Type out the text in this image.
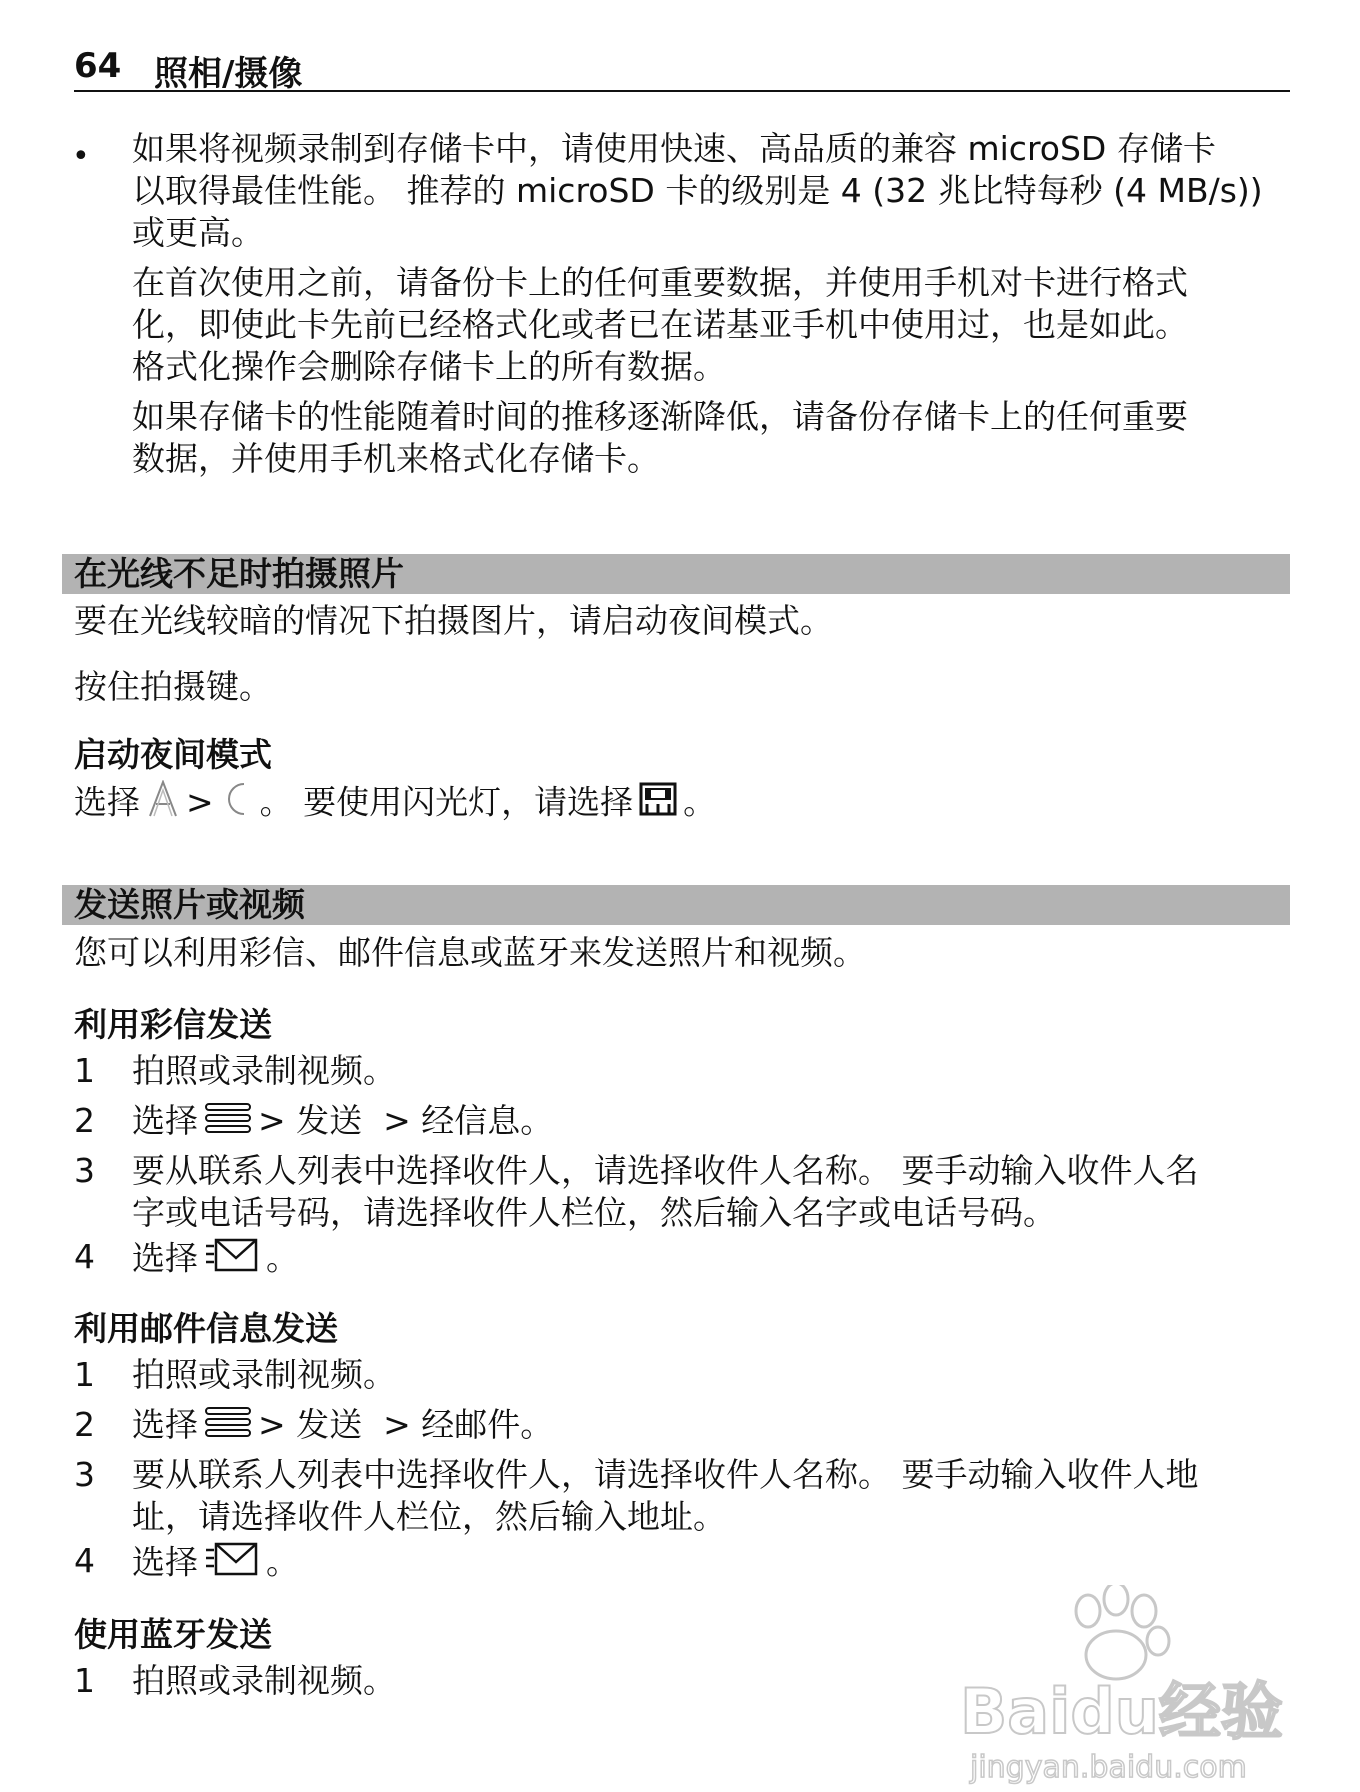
64 照相/摄像
• 如果将视频录制到存储卡中，请使用快速、高品质的兼容 microSD 存储卡
以取得最佳性能。 推荐的 microSD 卡的级别是 4 (32 兆比特每秒 (4 MB/s))
或更高。
在首次使用之前，请备份卡上的任何重要数据，并使用手机对卡进行格式
化，即使此卡先前已经格式化或者已在诺基亚手机中使用过，也是如此。
格式化操作会删除存储卡上的所有数据。
如果存储卡的性能随着时间的推移逐渐降低，请备份存储卡上的任何重要
数据，并使用手机来格式化存储卡。
在光线不足时拍摄照片
要在光线较暗的情况下拍摄图片，请启动夜间模式。
按住拍摄键。
启动夜间模式
选择 > 。 要使用闪光灯，请选择 。
发送照片或视频
您可以利用彩信、邮件信息或蓝牙来发送照片和视频。
利用彩信发送
1 拍照或录制视频。
2 选择 > 发送 > 经信息。
3 要从联系人列表中选择收件人，请选择收件人名称。 要手动输入收件人名
字或电话号码，请选择收件人栏位，然后输入名字或电话号码。
4 选择 。
利用邮件信息发送
1 拍照或录制视频。
2 选择 > 发送 > 经邮件。
3 要从联系人列表中选择收件人，请选择收件人名称。 要手动输入收件人地
址，请选择收件人栏位，然后输入地址。
4 选择 。
使用蓝牙发送
1 拍照或录制视频。	Baidu经验
jingyan.baidu.com
